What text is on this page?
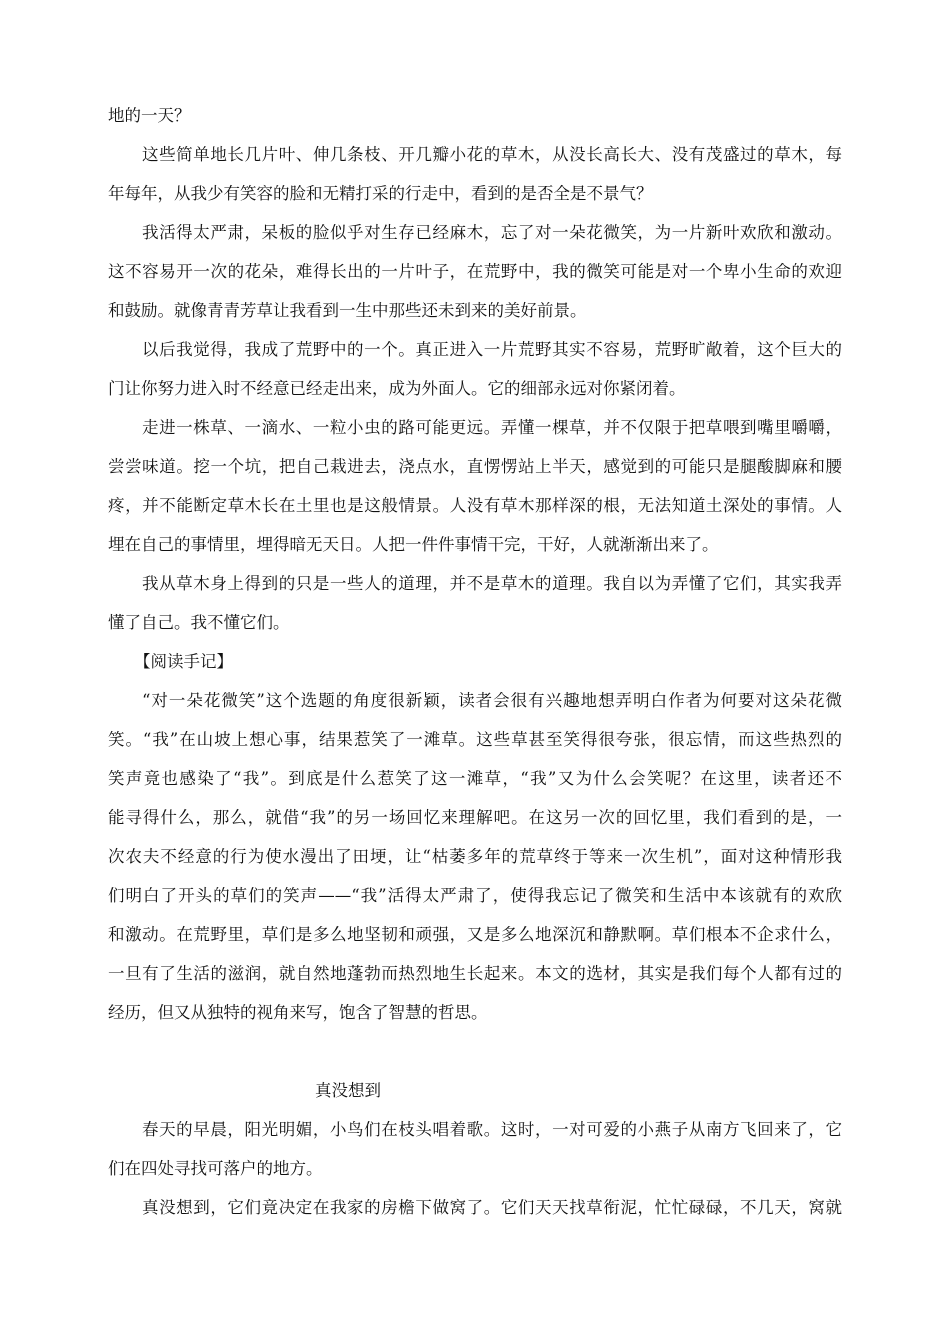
地的一天？
这些简单地长几片叶、伸几条枝、开几瓣小花的草木，从没长高长大、没有茂盛过的草木，每
年每年，从我少有笑容的脸和无精打采的行走中，看到的是否全是不景气？
我活得太严肃，呆板的脸似乎对生存已经麻木，忘了对一朵花微笑，为一片新叶欢欣和激动。
这不容易开一次的花朵，难得长出的一片叶子，在荒野中，我的微笑可能是对一个卑小生命的欢迎
和鼓励。就像青青芳草让我看到一生中那些还未到来的美好前景。
以后我觉得，我成了荒野中的一个。真正进入一片荒野其实不容易，荒野旷敞着，这个巨大的
门让你努力进入时不经意已经走出来，成为外面人。它的细部永远对你紧闭着。
走进一株草、一滴水、一粒小虫的路可能更远。弄懂一棵草，并不仅限于把草喂到嘴里嚼嚼，
尝尝味道。挖一个坑，把自己栽进去，浇点水，直愣愣站上半天，感觉到的可能只是腿酸脚麻和腰
疼，并不能断定草木长在土里也是这般情景。人没有草木那样深的根，无法知道土深处的事情。人
埋在自己的事情里，埋得暗无天日。人把一件件事情干完，干好，人就渐渐出来了。
我从草木身上得到的只是一些人的道理，并不是草木的道理。我自以为弄懂了它们，其实我弄
懂了自己。我不懂它们。
【阅读手记】
“对一朵花微笑”这个选题的角度很新颖，读者会很有兴趣地想弄明白作者为何要对这朵花微
笑。“我”在山坡上想心事，结果惹笑了一滩草。这些草甚至笑得很夸张，很忘情，而这些热烈的
笑声竟也感染了“我”。到底是什么惹笑了这一滩草，“我”又为什么会笑呢？在这里，读者还不
能寻得什么，那么，就借“我”的另一场回忆来理解吧。在这另一次的回忆里，我们看到的是，一
次农夫不经意的行为使水漫出了田埂，让“枯萎多年的荒草终于等来一次生机”，面对这种情形我
们明白了开头的草们的笑声——“我”活得太严肃了，使得我忘记了微笑和生活中本该就有的欢欣
和激动。在荒野里，草们是多么地坚韧和顽强，又是多么地深沉和静默啊。草们根本不企求什么，
一旦有了生活的滋润，就自然地蓬勃而热烈地生长起来。本文的选材，其实是我们每个人都有过的
经历，但又从独特的视角来写，饱含了智慧的哲思。
真没想到
春天的早晨，阳光明媚，小鸟们在枝头唱着歌。这时，一对可爱的小燕子从南方飞回来了，它
们在四处寻找可落户的地方。
真没想到，它们竟决定在我家的房檐下做窝了。它们天天找草衔泥，忙忙碌碌，不几天，窝就
